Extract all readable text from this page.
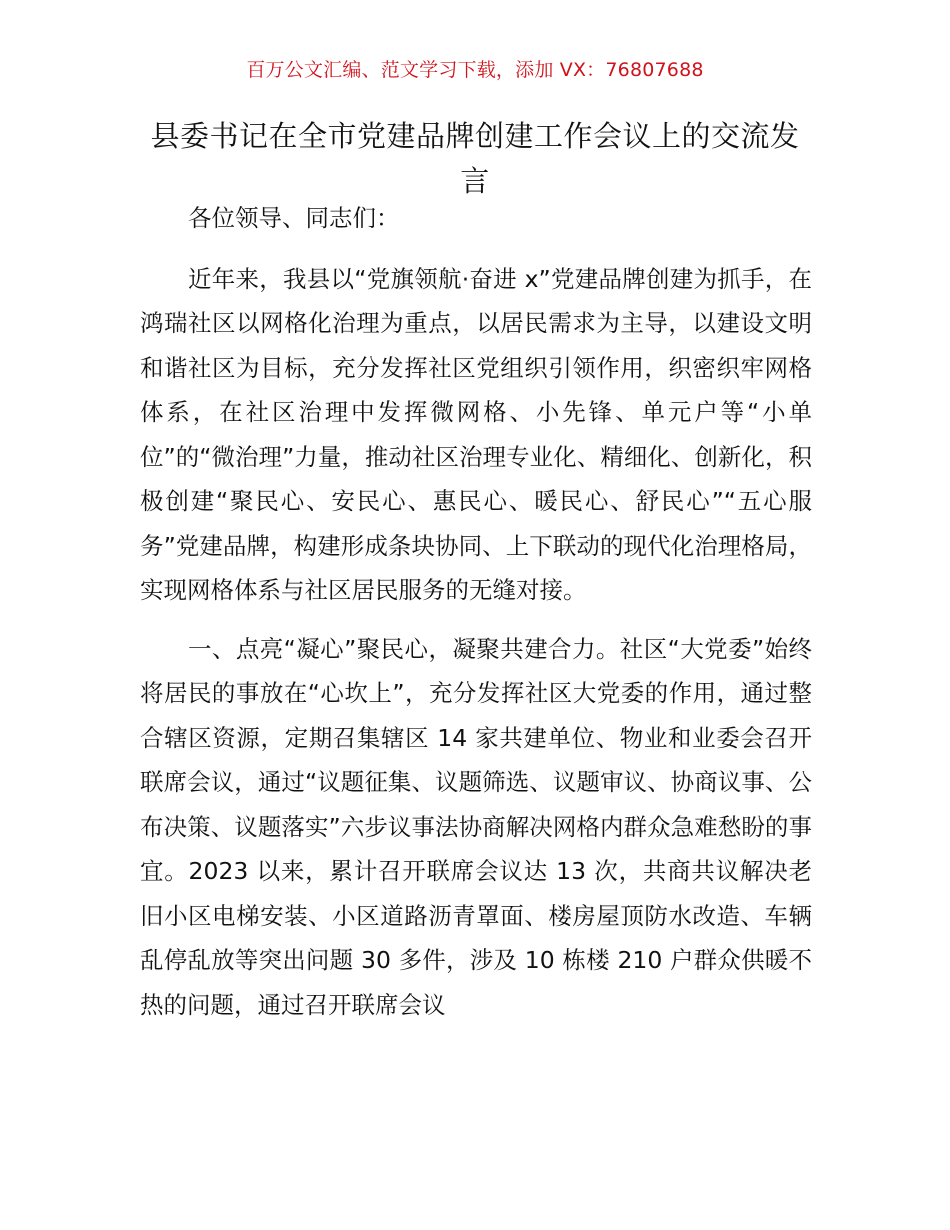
百万公文汇编、范文学习下载，添加 VX：76807688
县委书记在全市党建品牌创建工作会议上的交流发言

各位领导、同志们：

近年来，我县以“党旗领航·奋进 x”党建品牌创建为抓手，在鸿瑞社区以网格化治理为重点，以居民需求为主导，以建设文明和谐社区为目标，充分发挥社区党组织引领作用，织密织牢网格体系，在社区治理中发挥微网格、小先锋、单元户等“小单位”的“微治理”力量，推动社区治理专业化、精细化、创新化，积极创建“聚民心、安民心、惠民心、暖民心、舒民心”“五心服务”党建品牌，构建形成条块协同、上下联动的现代化治理格局，实现网格体系与社区居民服务的无缝对接。

一、点亮“凝心”聚民心，凝聚共建合力。社区“大党委”始终将居民的事放在“心坎上”，充分发挥社区大党委的作用，通过整合辖区资源，定期召集辖区 14 家共建单位、物业和业委会召开联席会议，通过“议题征集、议题筛选、议题审议、协商议事、公布决策、议题落实”六步议事法协商解决网格内群众急难愁盼的事宜。2023 以来，累计召开联席会议达 13 次，共商共议解决老旧小区电梯安装、小区道路沥青罩面、楼房屋顶防水改造、车辆乱停乱放等突出问题 30 多件，涉及 10 栋楼 210 户群众供暖不热的问题，通过召开联席会议
